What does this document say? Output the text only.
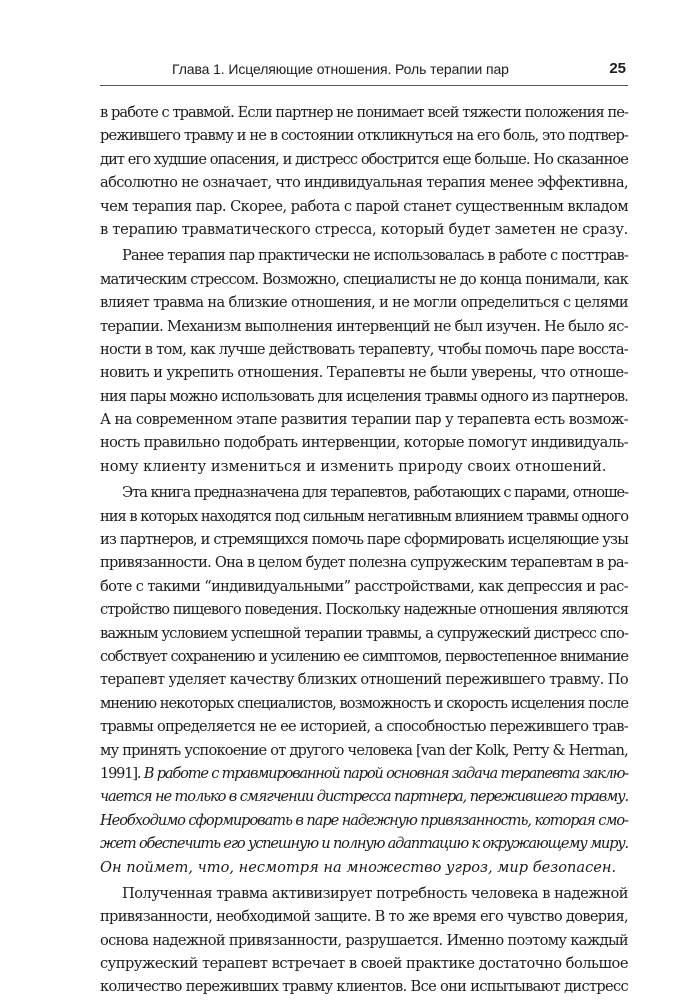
Глава 1. Исцеляющие отношения. Роль терапии пар	25
в работе с травмой. Если партнер не понимает всей тяжести положения пе-
режившего травму и не в состоянии откликнуться на его боль, это подтвер-
дит его худшие опасения, и дистресс обострится еще больше. Но сказанное
абсолютно не означает, что индивидуальная терапия менее эффективна,
чем терапия пар. Скорее, работа с парой станет существенным вкладом
в терапию травматического стресса, который будет заметен не сразу.
Ранее терапия пар практически не использовалась в работе с посттрав-
матическим стрессом. Возможно, специалисты не до конца понимали, как
влияет травма на близкие отношения, и не могли определиться с целями
терапии. Механизм выполнения интервенций не был изучен. Не было яс-
ности в том, как лучше действовать терапевту, чтобы помочь паре восста-
новить и укрепить отношения. Терапевты не были уверены, что отноше-
ния пары можно использовать для исцеления травмы одного из партнеров.
А на современном этапе развития терапии пар у терапевта есть возмож-
ность правильно подобрать интервенции, которые помогут индивидуаль-
ному клиенту измениться и изменить природу своих отношений.
Эта книга предназначена для терапевтов, работающих с парами, отноше-
ния в которых находятся под сильным негативным влиянием травмы одного
из партнеров, и стремящихся помочь паре сформировать исцеляющие узы
привязанности. Она в целом будет полезна супружеским терапевтам в ра-
боте с такими “индивидуальными” расстройствами, как депрессия и рас-
стройство пищевого поведения. Поскольку надежные отношения являются
важным условием успешной терапии травмы, а супружеский дистресс спо-
собствует сохранению и усилению ее симптомов, первостепенное внимание
терапевт уделяет качеству близких отношений пережившего травму. По
мнению некоторых специалистов, возможность и скорость исцеления после
травмы определяется не ее историей, а способностью пережившего трав-
му принять успокоение от другого человека [van der Kolk, Perry & Herman,
1991]. В работе с травмированной парой основная задача терапевта заклю-
чается не только в смягчении дистресса партнера, пережившего травму.
Необходимо сформировать в паре надежную привязанность, которая смо-
жет обеспечить его успешную и полную адаптацию к окружающему миру.
Он поймет, что, несмотря на множество угроз, мир безопасен.
Полученная травма активизирует потребность человека в надежной
привязанности, необходимой защите. В то же время его чувство доверия,
основа надежной привязанности, разрушается. Именно поэтому каждый
супружеский терапевт встречает в своей практике достаточно большое
количество переживших травму клиентов. Все они испытывают дистресс
